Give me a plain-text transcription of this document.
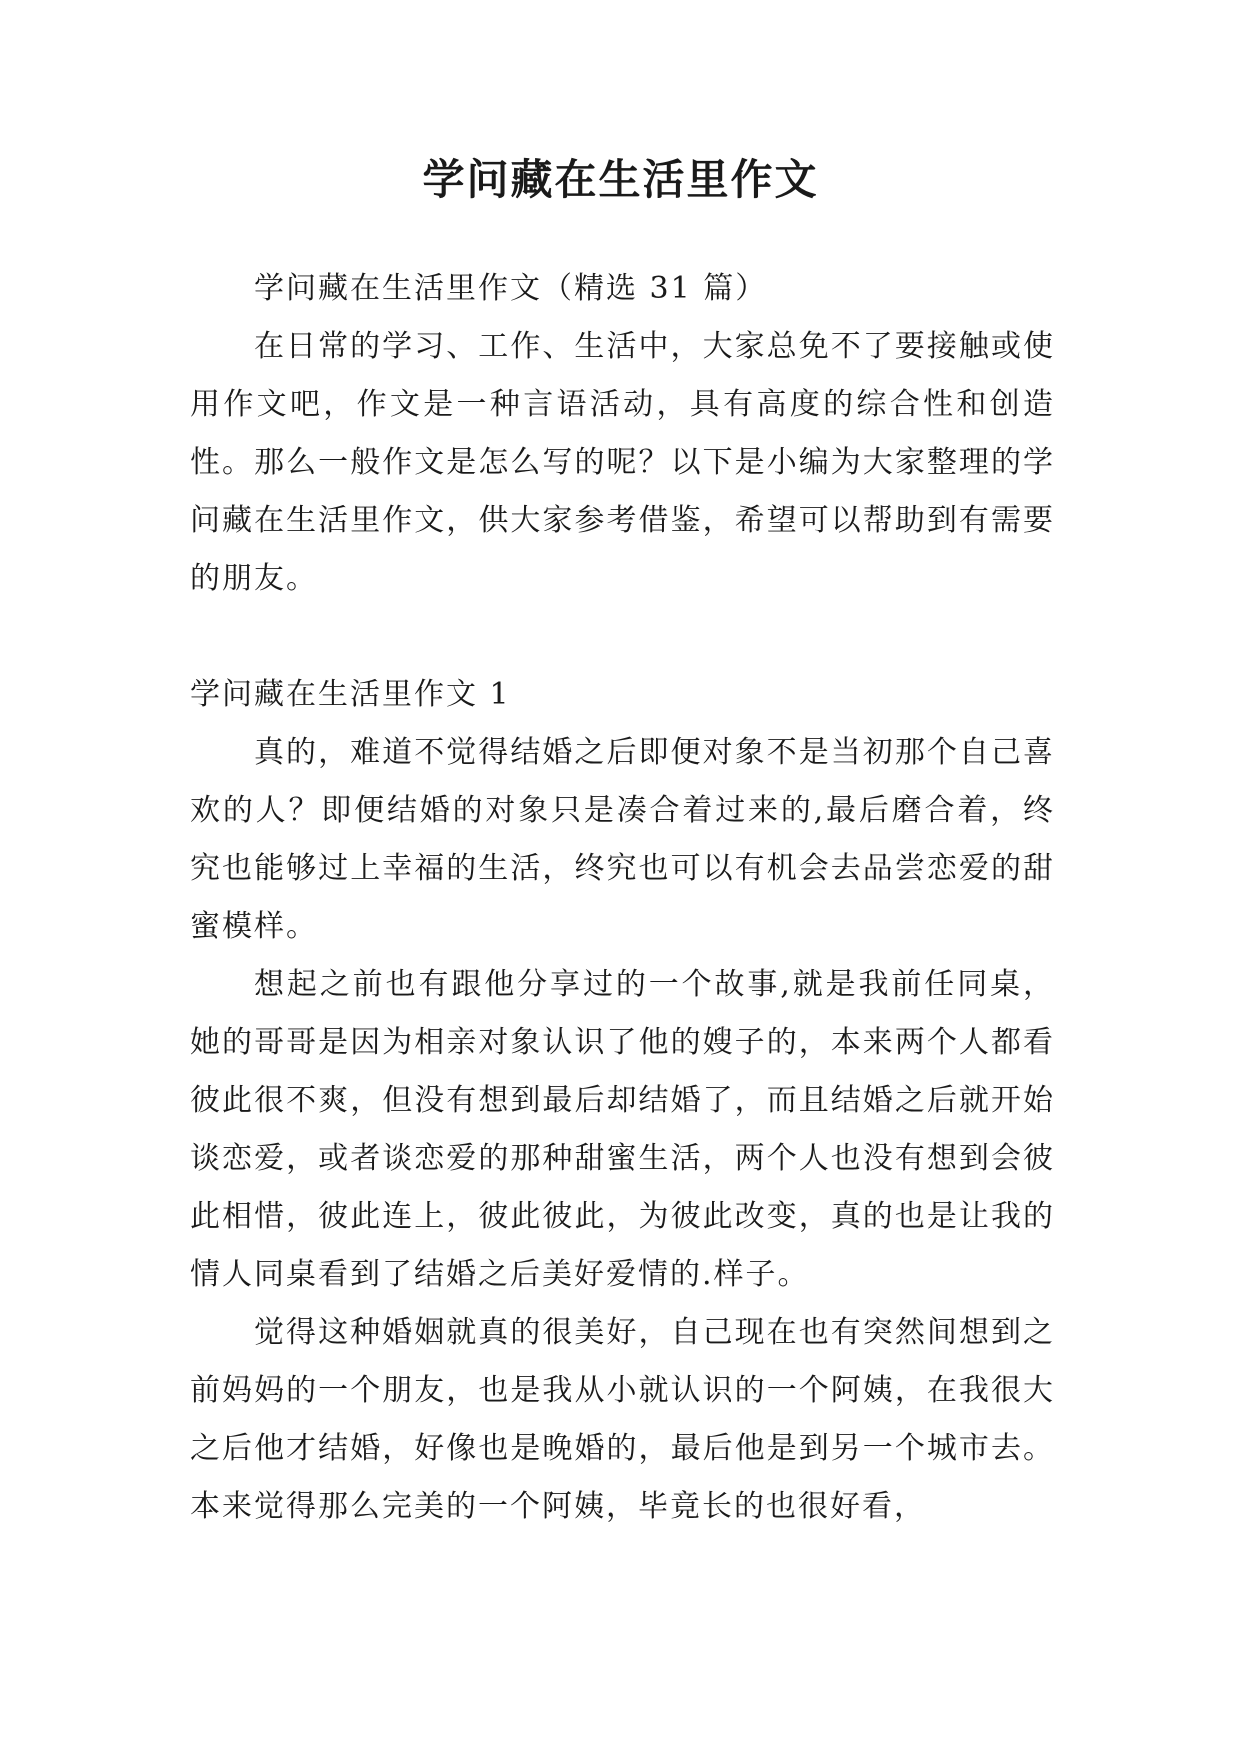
学问藏在生活里作文

学问藏在生活里作文（精选 31 篇）

在日常的学习、工作、生活中，大家总免不了要接触或使用作文吧，作文是一种言语活动，具有高度的综合性和创造性。那么一般作文是怎么写的呢？以下是小编为大家整理的学问藏在生活里作文，供大家参考借鉴，希望可以帮助到有需要的朋友。

学问藏在生活里作文 1

真的，难道不觉得结婚之后即便对象不是当初那个自己喜欢的人？即便结婚的对象只是凑合着过来的,最后磨合着，终究也能够过上幸福的生活，终究也可以有机会去品尝恋爱的甜蜜模样。

想起之前也有跟他分享过的一个故事,就是我前任同桌，她的哥哥是因为相亲对象认识了他的嫂子的，本来两个人都看彼此很不爽，但没有想到最后却结婚了，而且结婚之后就开始谈恋爱，或者谈恋爱的那种甜蜜生活，两个人也没有想到会彼此相惜，彼此连上，彼此彼此，为彼此改变，真的也是让我的情人同桌看到了结婚之后美好爱情的.样子。

觉得这种婚姻就真的很美好，自己现在也有突然间想到之前妈妈的一个朋友，也是我从小就认识的一个阿姨，在我很大之后他才结婚，好像也是晚婚的，最后他是到另一个城市去。本来觉得那么完美的一个阿姨，毕竟长的也很好看，
